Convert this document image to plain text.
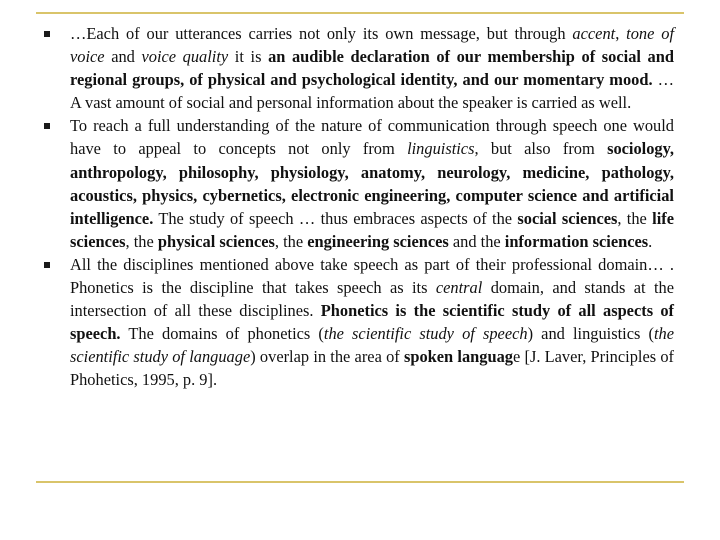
…Each of our utterances carries not only its own message, but through accent, tone of voice and voice quality it is an audible declaration of our membership of social and regional groups, of physical and psychological identity, and our momentary mood. … A vast amount of social and personal information about the speaker is carried as well.

To reach a full understanding of the nature of communication through speech one would have to appeal to concepts not only from linguistics, but also from sociology, anthropology, philosophy, physiology, anatomy, neurology, medicine, pathology, acoustics, physics, cybernetics, electronic engineering, computer science and artificial intelligence. The study of speech … thus embraces aspects of the social sciences, the life sciences, the physical sciences, the engineering sciences and the information sciences.

All the disciplines mentioned above take speech as part of their professional domain… . Phonetics is the discipline that takes speech as its central domain, and stands at the intersection of all these disciplines. Phonetics is the scientific study of all aspects of speech. The domains of phonetics (the scientific study of speech) and linguistics (the scientific study of language) overlap in the area of spoken language [J. Laver, Principles of Phohetics, 1995, p. 9].
